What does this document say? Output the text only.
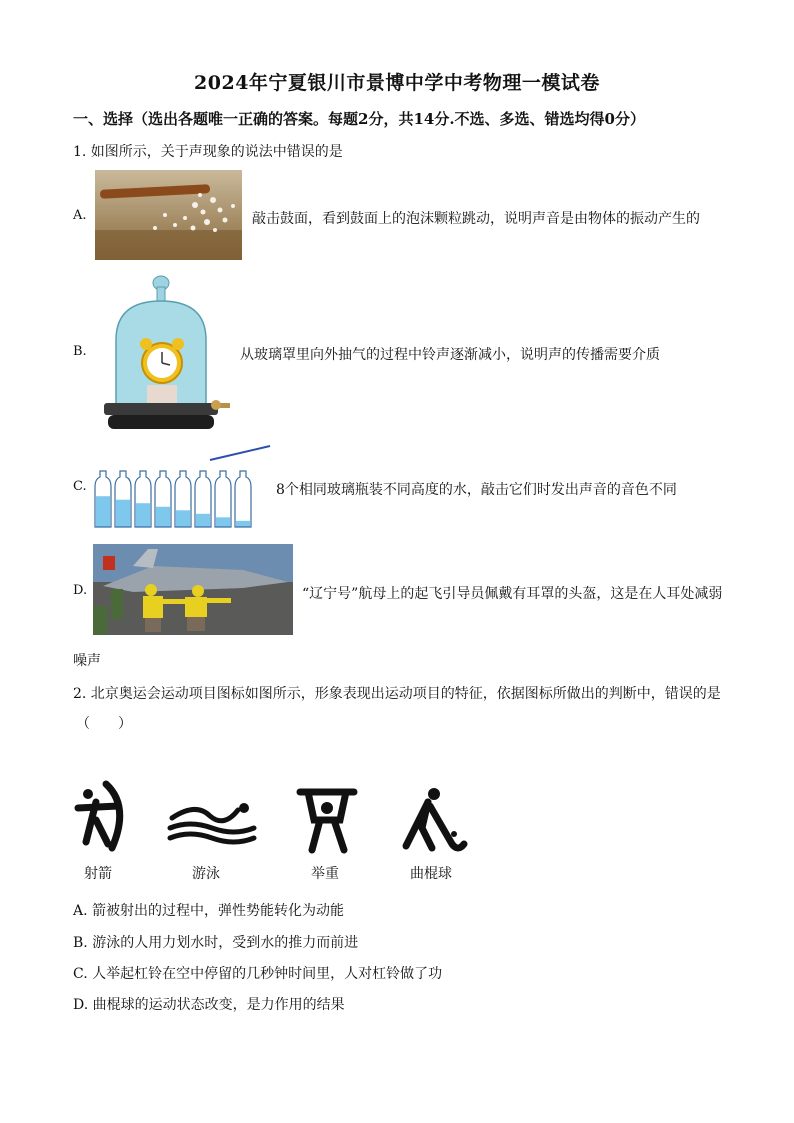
2024年宁夏银川市景博中学中考物理一模试卷
一、选择（选出各题唯一正确的答案。每题2分，共14分.不选、多选、错选均得0分）
1. 如图所示，关于声现象的说法中错误的是
A.	敲击鼓面，看到鼓面上的泡沫颗粒跳动，说明声音是由物体的振动产生的
B.	从玻璃罩里向外抽气的过程中铃声逐渐减小，说明声的传播需要介质
C.	8个相同玻璃瓶装不同高度的水，敲击它们时发出声音的音色不同
D.	“辽宁号”航母上的起飞引导员佩戴有耳罩的头盔，这是在人耳处减弱
噪声
2. 北京奥运会运动项目图标如图所示，形象表现出运动项目的特征，依据图标所做出的判断中，错误的是
（　　）
射箭	游泳	举重	曲棍球
A. 箭被射出的过程中，弹性势能转化为动能
B. 游泳的人用力划水时，受到水的推力而前进
C. 人举起杠铃在空中停留的几秒钟时间里，人对杠铃做了功
D. 曲棍球的运动状态改变，是力作用的结果
